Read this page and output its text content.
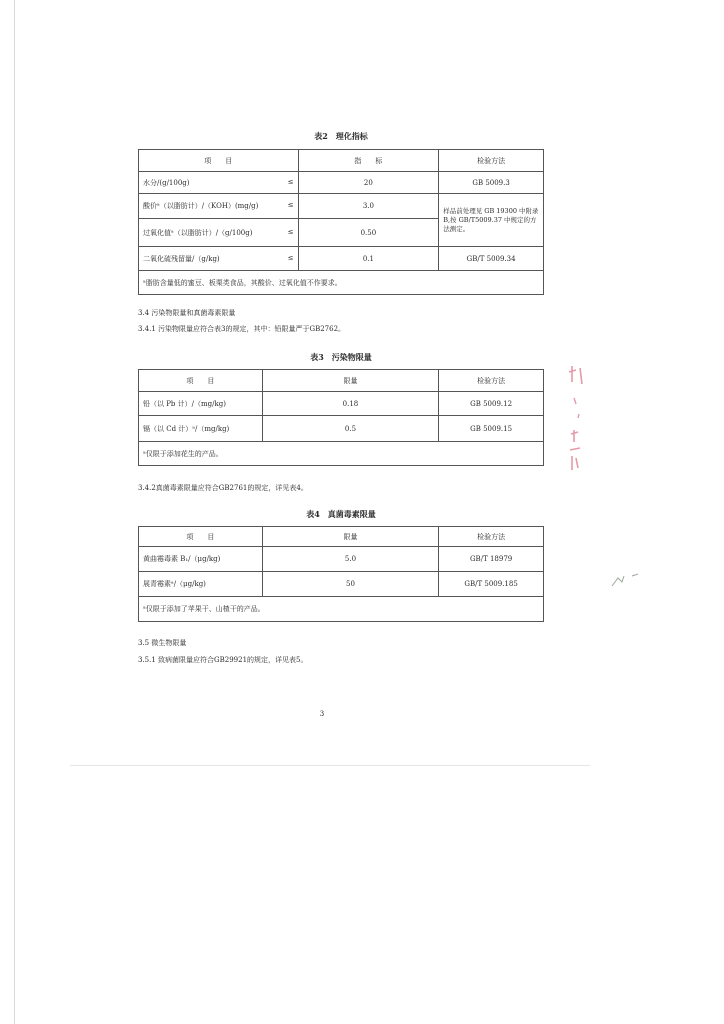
表2　理化指标
项　　目	指　　标	检验方法
水分/(g/100g) ≤	20	GB 5009.3
酸价ᵃ（以脂肪计）/（KOH）(mg/g) ≤	3.0	样品前处理见 GB 19300 中附录 B,按 GB/T5009.37 中规定的方法测定。
过氧化值ᵃ（以脂肪计）/（g/100g) ≤	0.50	
二氧化硫残留量/（g/kg) ≤	0.1	GB/T 5009.34
ᵃ脂肪含量低的蜜豆、板栗类食品，其酸价、过氧化值不作要求。		
3.4 污染物限量和真菌毒素限量
3.4.1 污染物限量应符合表3的规定，其中：铅限量严于GB2762。
表3　污染物限量
项　　目	限量	检验方法
铅（以 Pb 计）/（mg/kg)	0.18	GB 5009.12
镉（以 Cd 计）ᵃ/（mg/kg)	0.5	GB 5009.15
ᵃ仅限于添加花生的产品。		
3.4.2真菌毒素限量应符合GB2761的规定，详见表4。
表4　真菌毒素限量
项　　目	限量	检验方法
黄曲霉毒素 B₁/（μg/kg)	5.0	GB/T 18979
展青霉素ᵃ/（μg/kg)	50	GB/T 5009.185
ᵃ仅限于添加了苹果干、山楂干的产品。		
3.5 微生物限量
3.5.1 致病菌限量应符合GB29921的规定，详见表5。
3
